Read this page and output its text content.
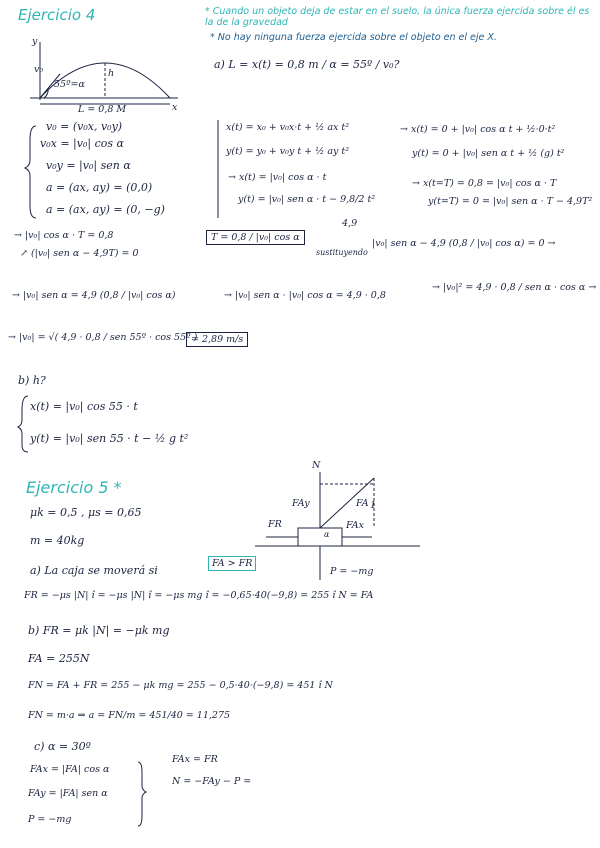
Ejercicio 4	* Cuando un objeto deja de estar en el suelo, la única fuerza ejercida sobre él es la de la gravedad
* No hay ninguna fuerza ejercida sobre el objeto en el eje X.
y
x
v₀
55º=α
h
L = 0,8 M
a) L = x(t) = 0,8 m / α = 55º / v₀?
v₀ = (v₀x, v₀y)
v₀x = |v₀| cos α
v₀y = |v₀| sen α
a = (ax, ay) = (0,0)
a = (ax, ay) = (0, −g)
x(t) = x₀ + v₀x·t + ½ ax t²
y(t) = y₀ + v₀y t + ½ ay t²
→ x(t) = 0 + |v₀| cos α t + ½·0·t²
y(t) = 0 + |v₀| sen α t + ½ (g) t²
→ x(t) = |v₀| cos α · t
y(t) = |v₀| sen α · t − 9,8/2 t²
→ x(t=T) = 0,8 = |v₀| cos α · T
y(t=T) = 0 = |v₀| sen α · T − 4,9T²
4,9
→ |v₀| cos α · T = 0,8
↗ (|v₀| sen α − 4,9T) = 0
T = 0,8 / |v₀| cos α
sustituyendo
|v₀| sen α − 4,9 (0,8 / |v₀| cos α) = 0 →
→ |v₀| sen α = 4,9 (0,8 / |v₀| cos α)	→ |v₀| sen α · |v₀| cos α = 4,9 · 0,8
→ |v₀|² = 4,9 · 0,8 / sen α · cos α →
→ |v₀| = √( 4,9 · 0,8 / sen 55º · cos 55º )
= 2,89 m/s
b) h?
x(t) = |v₀| cos 55 · t
y(t) = |v₀| sen 55 · t − ½ g t²
Ejercicio 5 *
μk = 0,5 , μs = 0,65
m = 40kg
N
FAy	FA
FR	FAx
α
1
P = −mg
a) La caja se moverá si
FA > FR
FR = −μs |N| î = −μs |N| î = −μs mg î = −0,65·40(−9,8) = 255 î N = FA
b) FR = μk |N| = −μk mg
FA = 255N
FN = FA + FR = 255 − μk mg = 255 − 0,5·40·(−9,8) = 451 î N
FN = m·a ⇒ a = FN/m = 451/40 = 11,275
c) α = 30º
FAx = |FA| cos α
FAy = |FA| sen α
P = −mg
FAx = FR
N = −FAy − P =
